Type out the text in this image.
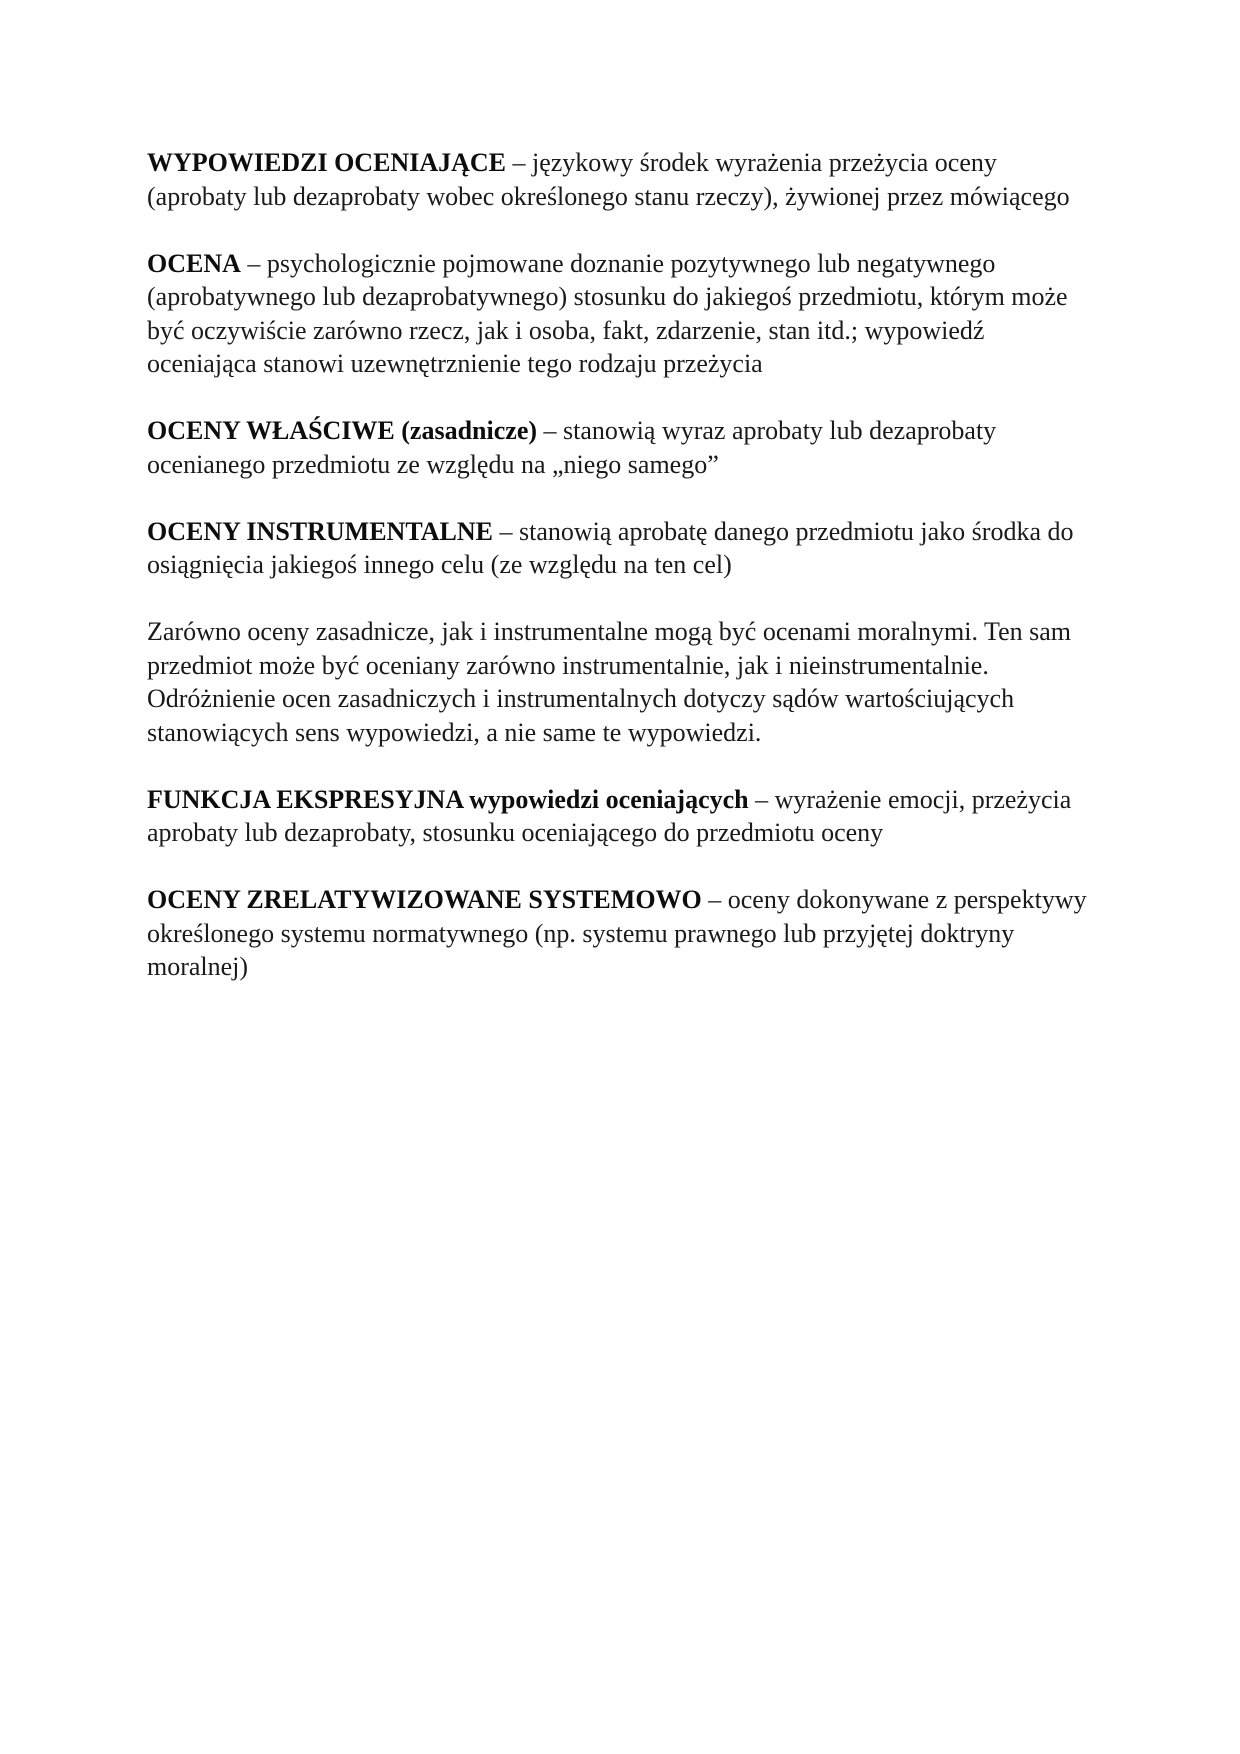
WYPOWIEDZI OCENIAJĄCE – językowy środek wyrażenia przeżycia oceny (aprobaty lub dezaprobaty wobec określonego stanu rzeczy), żywionej przez mówiącego

OCENA – psychologicznie pojmowane doznanie pozytywnego lub negatywnego (aprobatywnego lub dezaprobatywnego) stosunku do jakiegoś przedmiotu, którym może być oczywiście zarówno rzecz, jak i osoba, fakt, zdarzenie, stan itd.; wypowiedź oceniająca stanowi uzewnętrznienie tego rodzaju przeżycia

OCENY WŁAŚCIWE (zasadnicze) – stanowią wyraz aprobaty lub dezaprobaty ocenianego przedmiotu ze względu na „niego samego”

OCENY INSTRUMENTALNE – stanowią aprobatę danego przedmiotu jako środka do osiągnięcia jakiegoś innego celu (ze względu na ten cel)

Zarówno oceny zasadnicze, jak i instrumentalne mogą być ocenami moralnymi. Ten sam przedmiot może być oceniany zarówno instrumentalnie, jak i nieinstrumentalnie. Odróżnienie ocen zasadniczych i instrumentalnych dotyczy sądów wartościujących stanowiących sens wypowiedzi, a nie same te wypowiedzi.

FUNKCJA EKSPRESYJNA wypowiedzi oceniających – wyrażenie emocji, przeżycia aprobaty lub dezaprobaty, stosunku oceniającego do przedmiotu oceny

OCENY ZRELATYWIZOWANE SYSTEMOWO – oceny dokonywane z perspektywy określonego systemu normatywnego (np. systemu prawnego lub przyjętej doktryny moralnej)
